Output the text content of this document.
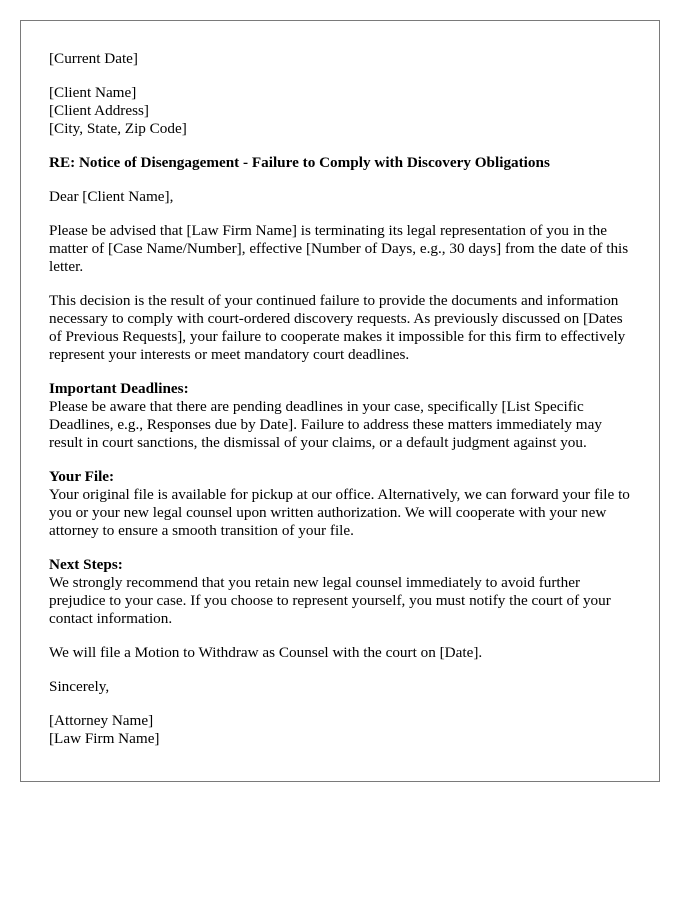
[Current Date]

[Client Name]
[Client Address]
[City, State, Zip Code]

RE: Notice of Disengagement - Failure to Comply with Discovery Obligations

Dear [Client Name],

Please be advised that [Law Firm Name] is terminating its legal representation of you in the matter of [Case Name/Number], effective [Number of Days, e.g., 30 days] from the date of this letter.

This decision is the result of your continued failure to provide the documents and information necessary to comply with court-ordered discovery requests. As previously discussed on [Dates of Previous Requests], your failure to cooperate makes it impossible for this firm to effectively represent your interests or meet mandatory court deadlines.

Important Deadlines:
Please be aware that there are pending deadlines in your case, specifically [List Specific Deadlines, e.g., Responses due by Date]. Failure to address these matters immediately may result in court sanctions, the dismissal of your claims, or a default judgment against you.

Your File:
Your original file is available for pickup at our office. Alternatively, we can forward your file to you or your new legal counsel upon written authorization. We will cooperate with your new attorney to ensure a smooth transition of your file.

Next Steps:
We strongly recommend that you retain new legal counsel immediately to avoid further prejudice to your case. If you choose to represent yourself, you must notify the court of your contact information.

We will file a Motion to Withdraw as Counsel with the court on [Date].

Sincerely,

[Attorney Name]
[Law Firm Name]
